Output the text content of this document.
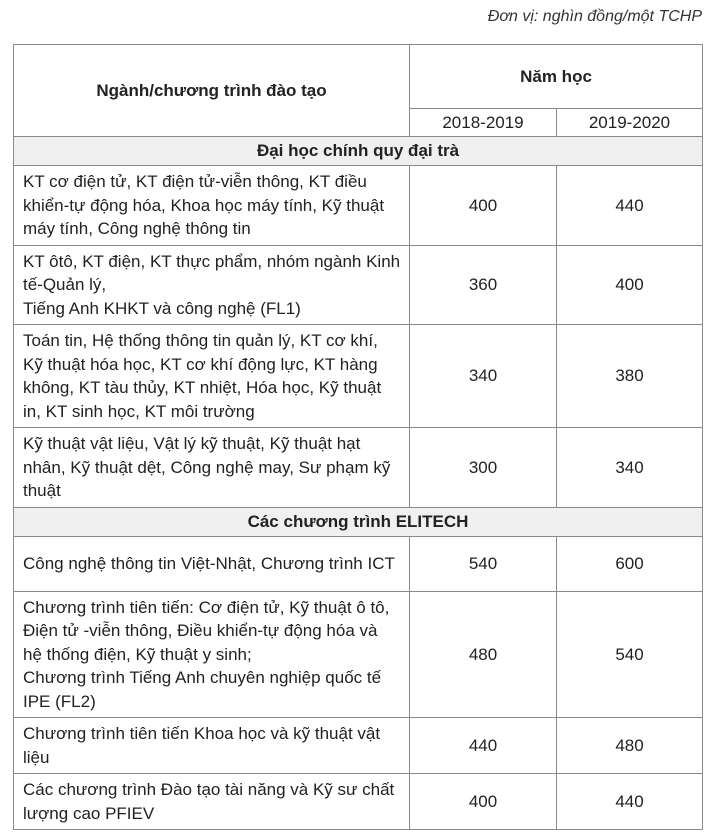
Đơn vị: nghìn đồng/một TCHP
Ngành/chương trình đào tạo	Năm học	
	2018-2019	2019-2020
Đại học chính quy đại trà		

KT cơ điện tử, KT điện tử-viễn thông, KT điều khiển-tự động hóa, Khoa học máy tính, Kỹ thuật máy tính, Công nghệ thông tin	400	440

KT ôtô, KT điện, KT thực phẩm, nhóm ngành Kinh tế-Quản lý,
Tiếng Anh KHKT và công nghệ (FL1)	360	400

Toán tin, Hệ thống thông tin quản lý, KT cơ khí, Kỹ thuật hóa học, KT cơ khí động lực, KT hàng không, KT tàu thủy, KT nhiệt, Hóa học, Kỹ thuật in, KT sinh học, KT môi trường	340	380

Kỹ thuật vật liệu, Vật lý kỹ thuật, Kỹ thuật hạt nhân, Kỹ thuật dệt, Công nghệ may, Sư phạm kỹ thuật	300	340
Các chương trình ELITECH		

Công nghệ thông tin Việt-Nhật, Chương trình ICT	540	600

Chương trình tiên tiến: Cơ điện tử, Kỹ thuật ô tô, Điện tử -viễn thông, Điều khiển-tự động hóa và hệ thống điện, Kỹ thuật y sinh;
Chương trình Tiếng Anh chuyên nghiệp quốc tế IPE (FL2)	480	540

Chương trình tiên tiến Khoa học và kỹ thuật vật liệu	440	480

Các chương trình Đào tạo tài năng và Kỹ sư chất lượng cao PFIEV	400	440
